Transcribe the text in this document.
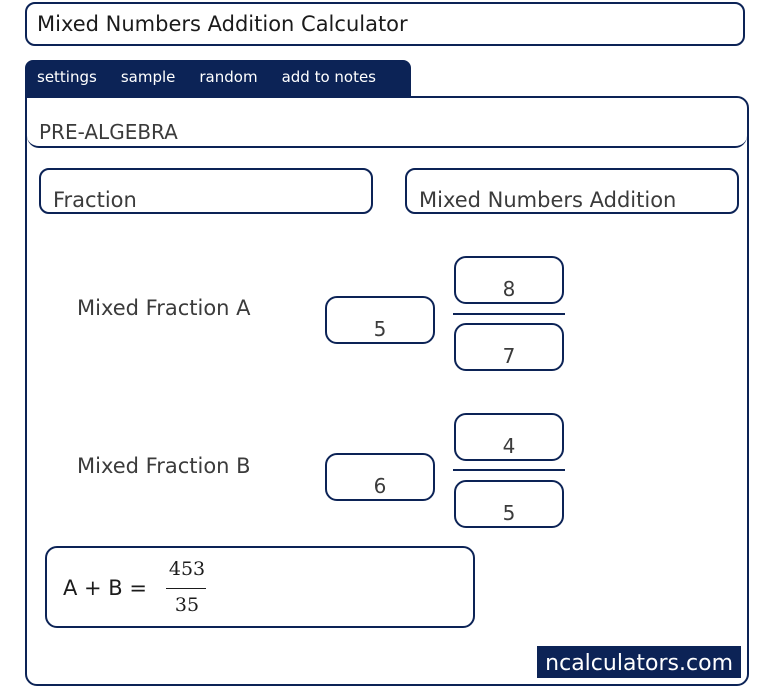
Mixed Numbers Addition Calculator
settings	sample	random	add to notes
PRE-ALGEBRA
Fraction	Mixed Numbers Addition
Mixed Fraction A
5
8
7
Mixed Fraction B
6
4
5
A + B =
453
35
ncalculators.com
